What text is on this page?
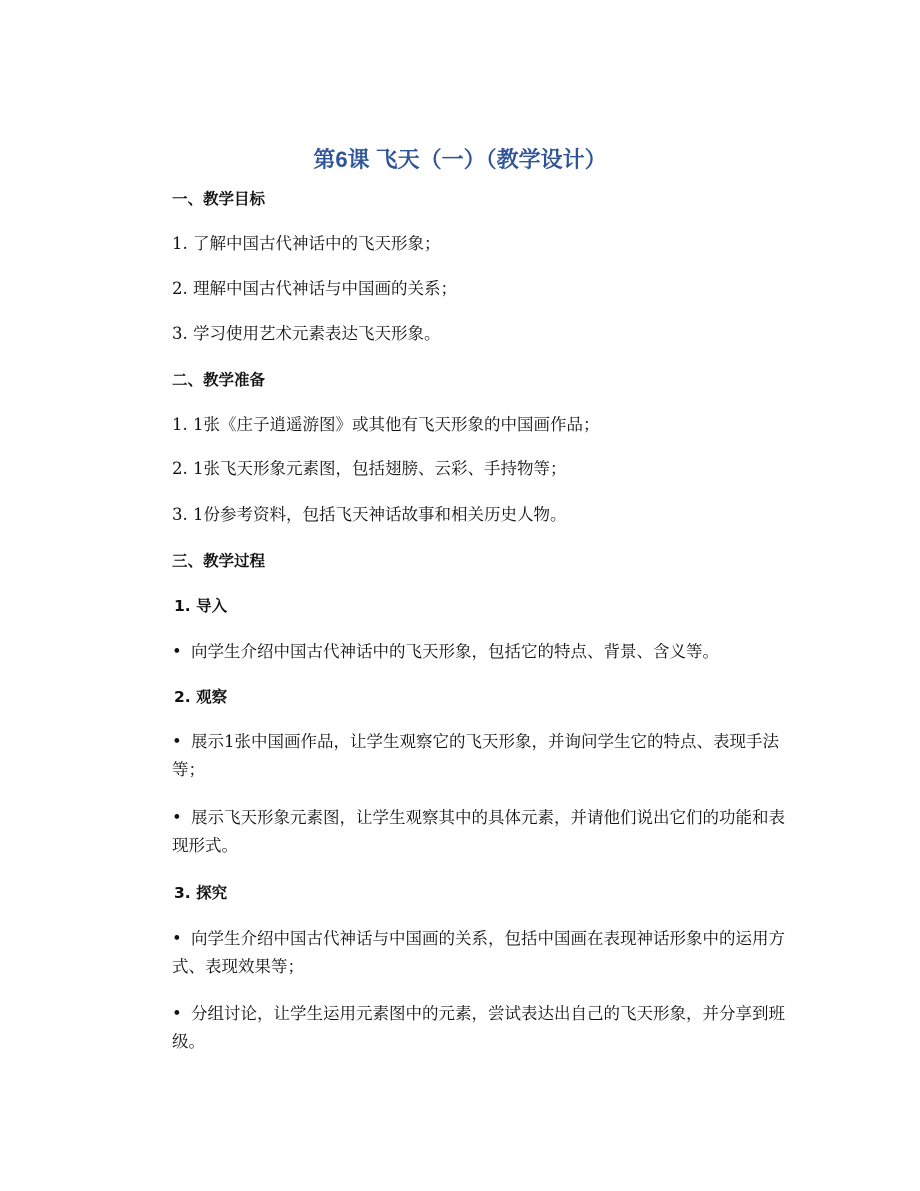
第6课 飞天（一）（教学设计）
一、教学目标
1. 了解中国古代神话中的飞天形象；
2. 理解中国古代神话与中国画的关系；
3. 学习使用艺术元素表达飞天形象。
二、教学准备
1. 1张《庄子逍遥游图》或其他有飞天形象的中国画作品；
2. 1张飞天形象元素图，包括翅膀、云彩、手持物等；
3. 1份参考资料，包括飞天神话故事和相关历史人物。
三、教学过程
1. 导入
• 向学生介绍中国古代神话中的飞天形象，包括它的特点、背景、含义等。
2. 观察
• 展示1张中国画作品，让学生观察它的飞天形象，并询问学生它的特点、表现手法等；
• 展示飞天形象元素图，让学生观察其中的具体元素，并请他们说出它们的功能和表现形式。
3. 探究
• 向学生介绍中国古代神话与中国画的关系，包括中国画在表现神话形象中的运用方式、表现效果等；
• 分组讨论，让学生运用元素图中的元素，尝试表达出自己的飞天形象，并分享到班级。
